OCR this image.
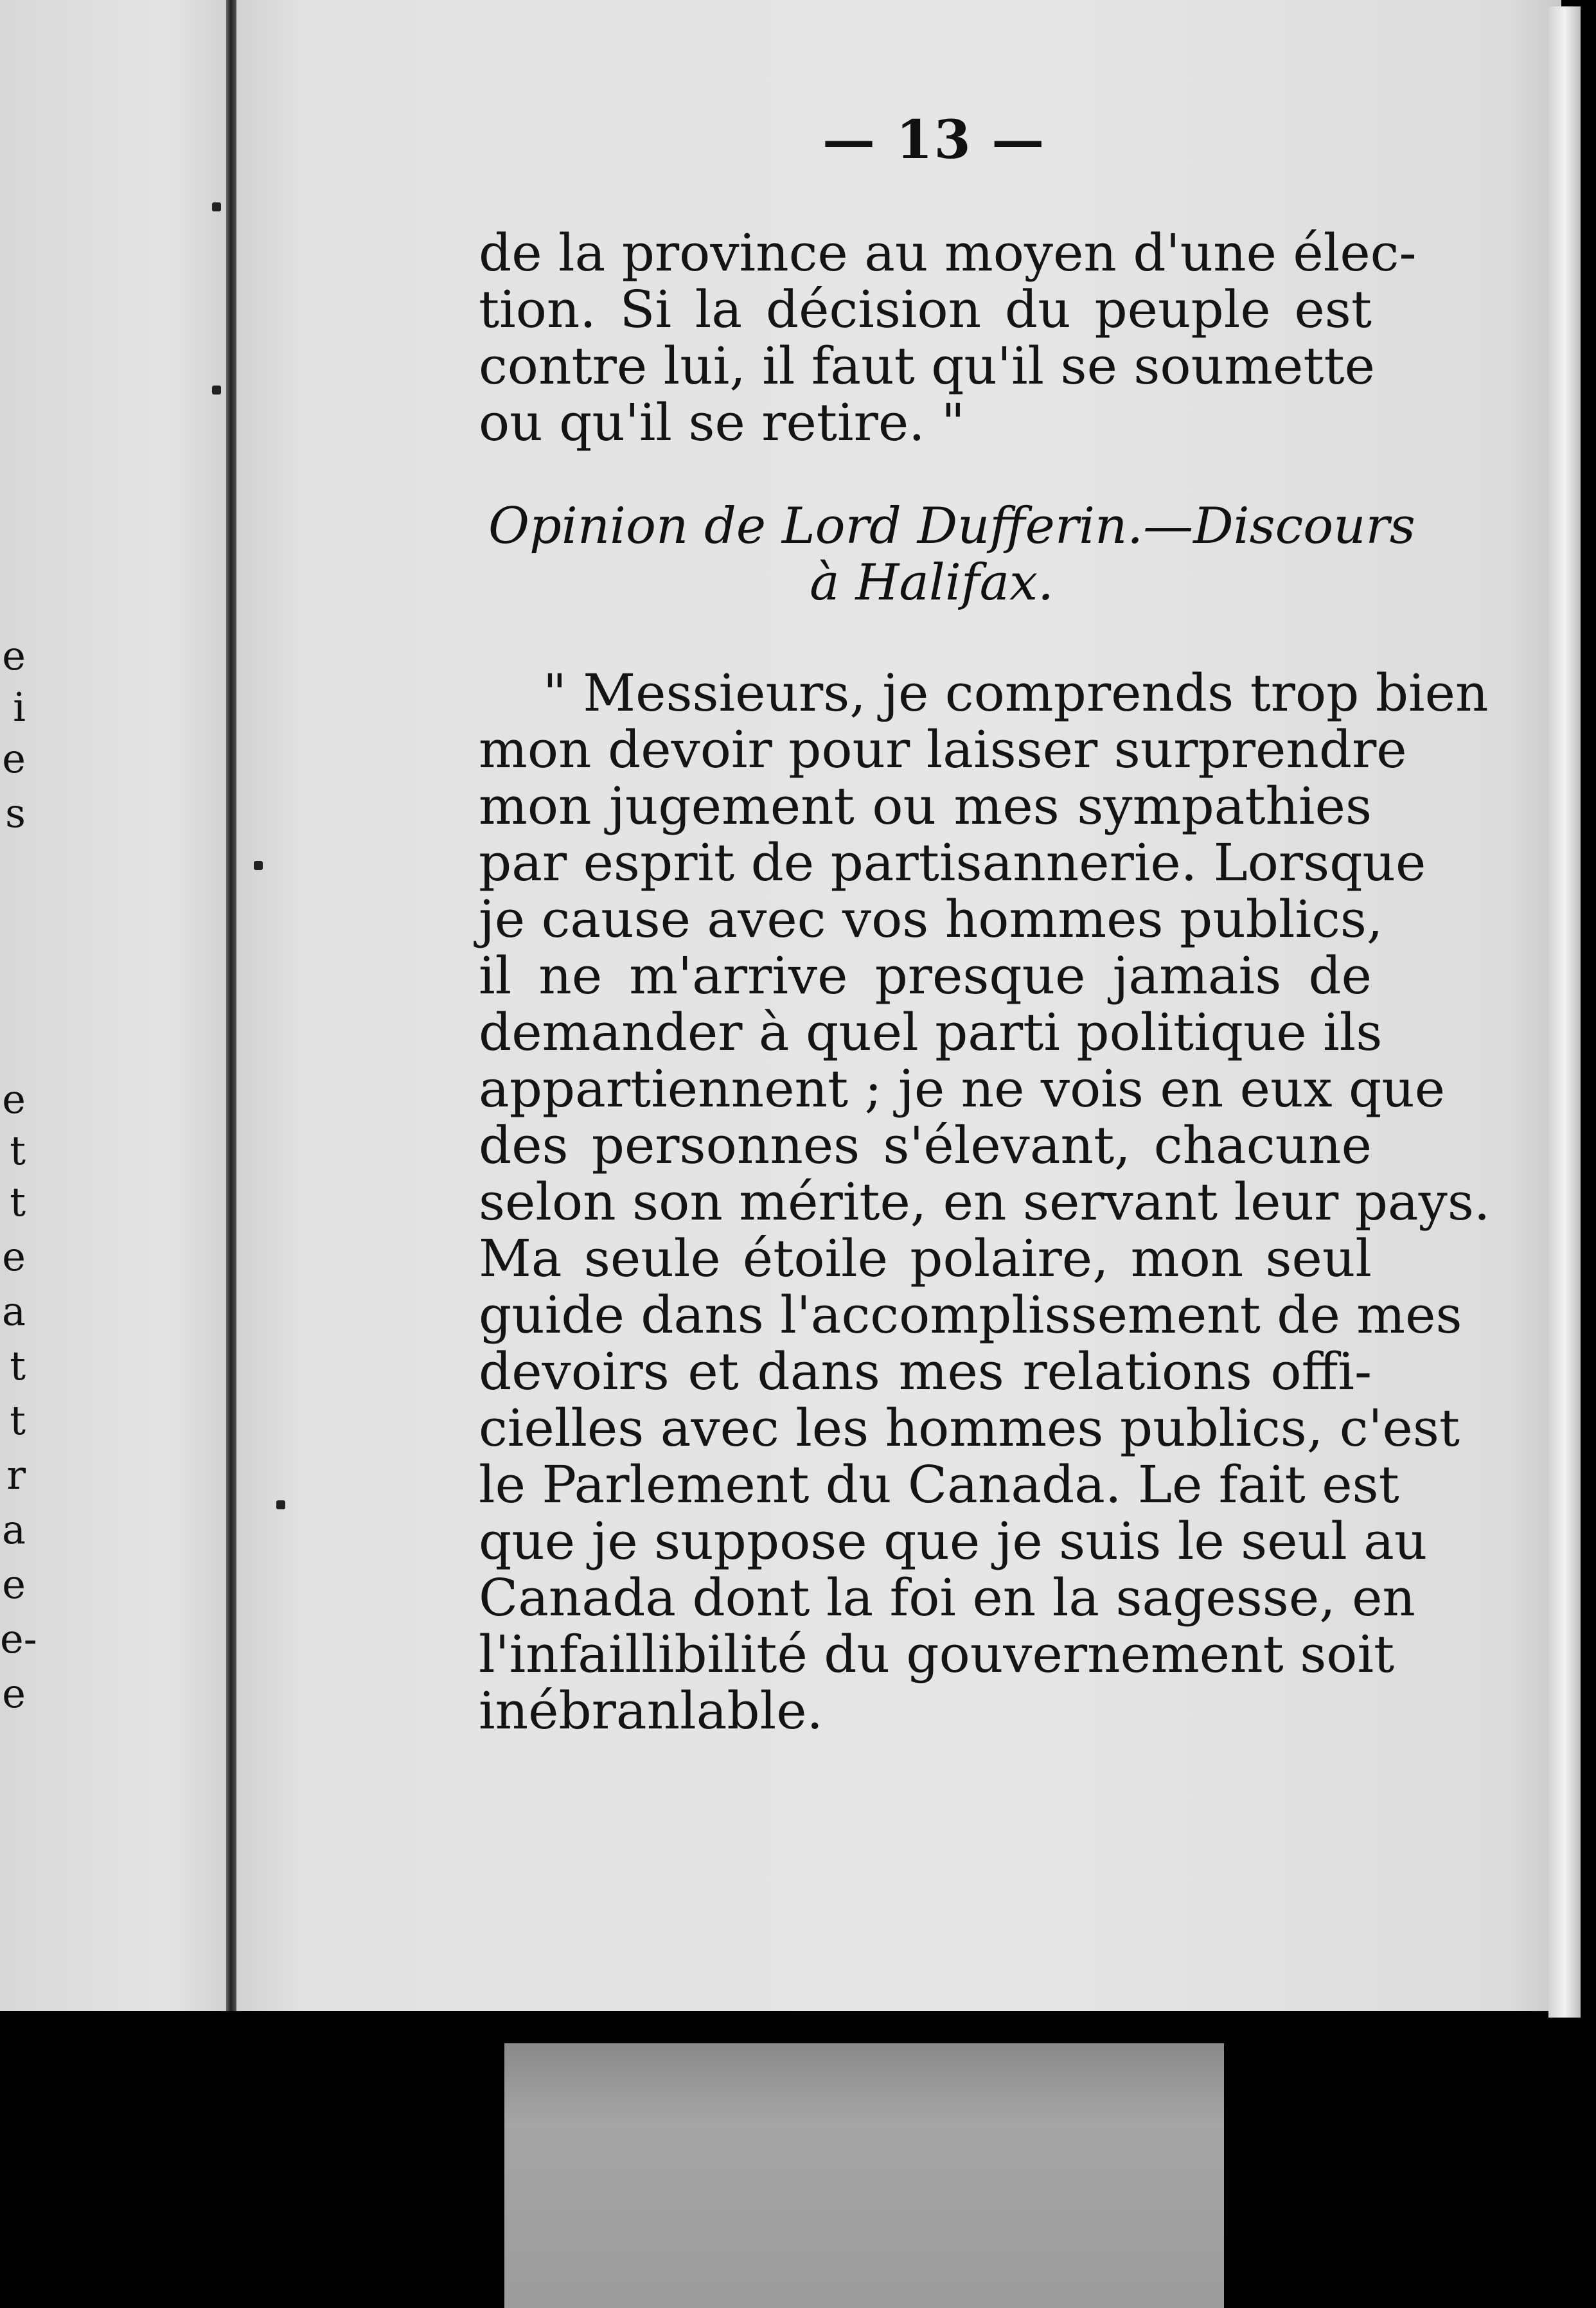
e
i
e
s
e
t
t
e
a
t
t
r
a
e
e-
e
— 13 —
de la province au moyen d'une élec-
tion. Si la décision du peuple est
contre lui, il faut qu'il se soumette
ou qu'il se retire. "
Opinion de Lord Dufferin.—Discours
à Halifax.
" Messieurs, je comprends trop bien
mon devoir pour laisser surprendre
mon jugement ou mes sympathies
par esprit de partisannerie. Lorsque
je cause avec vos hommes publics,
il ne m'arrive presque jamais de
demander à quel parti politique ils
appartiennent ; je ne vois en eux que
des personnes s'élevant, chacune
selon son mérite, en servant leur pays.
Ma seule étoile polaire, mon seul
guide dans l'accomplissement de mes
devoirs et dans mes relations offi-
cielles avec les hommes publics, c'est
le Parlement du Canada. Le fait est
que je suppose que je suis le seul au
Canada dont la foi en la sagesse, en
l'infaillibilité du gouvernement soit
inébranlable.
